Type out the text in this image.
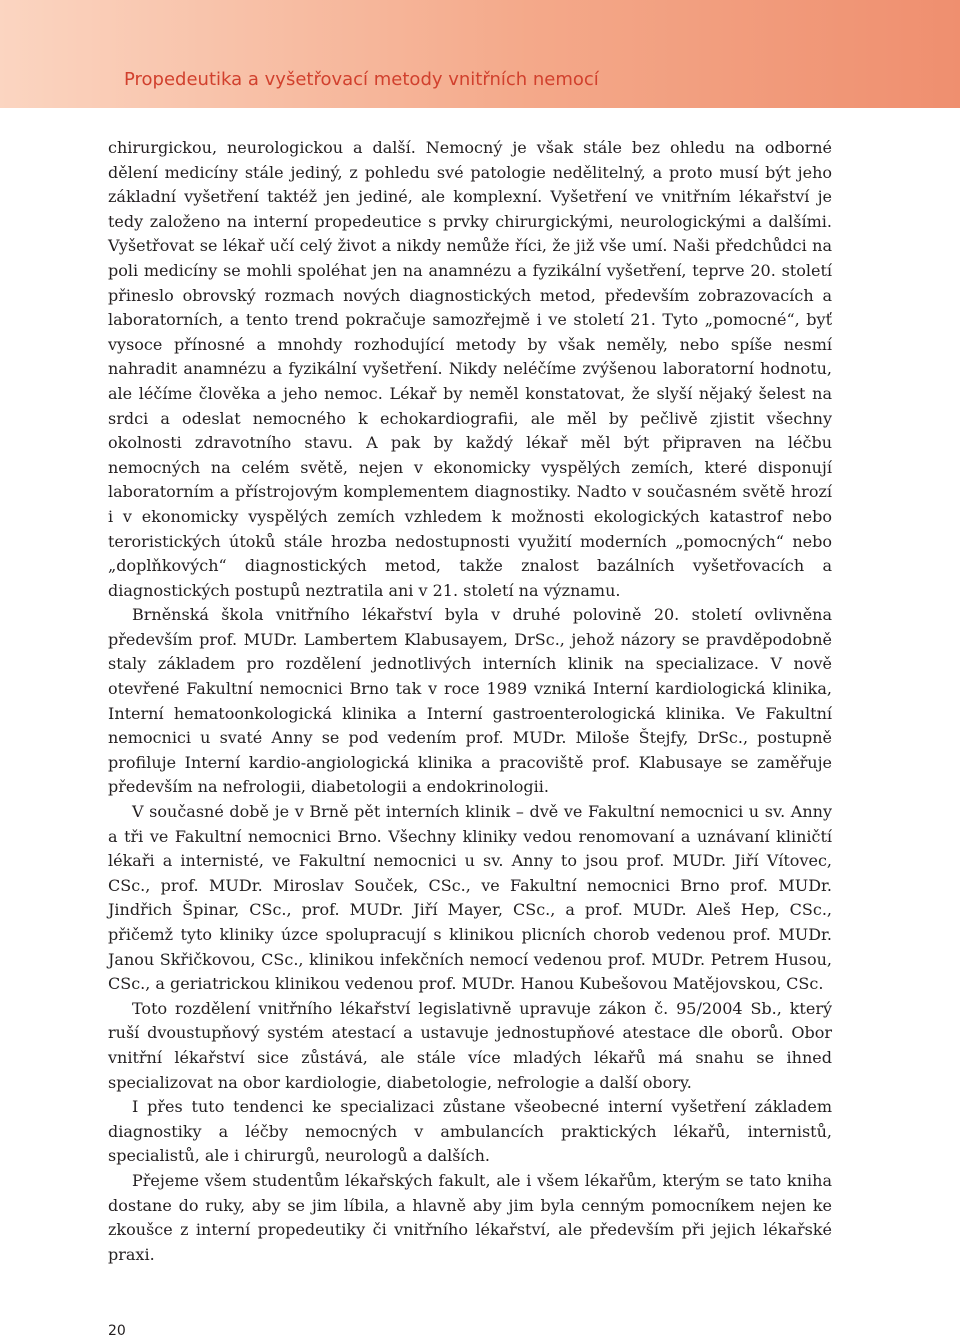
Propedeutika a vyšetřovací metody vnitřních nemocí

chirurgickou, neurologickou a další. Nemocný je však stále bez ohledu na odborné dělení medicíny stále jediný, z pohledu své patologie nedělitelný, a proto musí být jeho základní vyšetření taktéž jen jediné, ale komplexní. Vyšetření ve vnitřním lékařství je tedy založeno na interní propedeutice s prvky chirurgickými, neurologickými a dalšími. Vyšetřovat se lékař učí celý život a nikdy nemůže říci, že již vše umí. Naši předchůdci na poli medicíny se mohli spoléhat jen na anamnézu a fyzikální vyšetření, teprve 20. století přineslo obrovský rozmach nových diagnostických metod, především zobrazovacích a laboratorních, a tento trend pokračuje samozřejmě i ve století 21. Tyto „pomocné“, byť vysoce přínosné a mnohdy rozhodující metody by však neměly, nebo spíše nesmí nahradit anamnézu a fyzikální vyšetření. Nikdy neléčíme zvýšenou laboratorní hodnotu, ale léčíme člověka a jeho nemoc. Lékař by neměl konstatovat, že slyší nějaký šelest na srdci a odeslat nemocného k echokardiografii, ale měl by pečlivě zjistit všechny okolnosti zdravotního stavu. A pak by každý lékař měl být připraven na léčbu nemocných na celém světě, nejen v ekonomicky vyspělých zemích, které disponují laboratorním a přístrojovým komplementem diagnostiky. Nadto v současném světě hrozí i v ekonomicky vyspělých zemích vzhledem k možnosti ekologických katastrof nebo teroristických útoků stále hrozba nedostupnosti využití moderních „pomocných“ nebo „doplňkových“ diagnostických metod, takže znalost bazálních vyšetřovacích a diagnostických postupů neztratila ani v 21. století na významu.

Brněnská škola vnitřního lékařství byla v druhé polovině 20. století ovlivněna především prof. MUDr. Lambertem Klabusayem, DrSc., jehož názory se pravděpodobně staly základem pro rozdělení jednotlivých interních klinik na specializace. V nově otevřené Fakultní nemocnici Brno tak v roce 1989 vzniká Interní kardiologická klinika, Interní hematoonkologická klinika a Interní gastroenterologická klinika. Ve Fakultní nemocnici u svaté Anny se pod vedením prof. MUDr. Miloše Štejfy, DrSc., postupně profiluje Interní kardio-angiologická klinika a pracoviště prof. Klabusaye se zaměřuje především na nefrologii, diabetologii a endokrinologii.

V současné době je v Brně pět interních klinik – dvě ve Fakultní nemocnici u sv. Anny a tři ve Fakultní nemocnici Brno. Všechny kliniky vedou renomovaní a uznávaní kliničtí lékaři a internisté, ve Fakultní nemocnici u sv. Anny to jsou prof. MUDr. Jiří Vítovec, CSc., prof. MUDr. Miroslav Souček, CSc., ve Fakultní nemocnici Brno prof. MUDr. Jindřich Špinar, CSc., prof. MUDr. Jiří Mayer, CSc., a prof. MUDr. Aleš Hep, CSc., přičemž tyto kliniky úzce spolupracují s klinikou plicních chorob vedenou prof. MUDr. Janou Skřičkovou, CSc., klinikou infekčních nemocí vedenou prof. MUDr. Petrem Husou, CSc., a geriatrickou klinikou vedenou prof. MUDr. Hanou Kubešovou Matějovskou, CSc.

Toto rozdělení vnitřního lékařství legislativně upravuje zákon č. 95/2004 Sb., který ruší dvoustupňový systém atestací a ustavuje jednostupňové atestace dle oborů. Obor vnitřní lékařství sice zůstává, ale stále více mladých lékařů má snahu se ihned specializovat na obor kardiologie, diabetologie, nefrologie a další obory.

I přes tuto tendenci ke specializaci zůstane všeobecné interní vyšetření základem diagnostiky a léčby nemocných v ambulancích praktických lékařů, internistů, specialistů, ale i chirurgů, neurologů a dalších.

Přejeme všem studentům lékařských fakult, ale i všem lékařům, kterým se tato kniha dostane do ruky, aby se jim líbila, a hlavně aby jim byla cenným pomocníkem nejen ke zkoušce z interní propedeutiky či vnitřního lékařství, ale především při jejich lékařské praxi.

20
